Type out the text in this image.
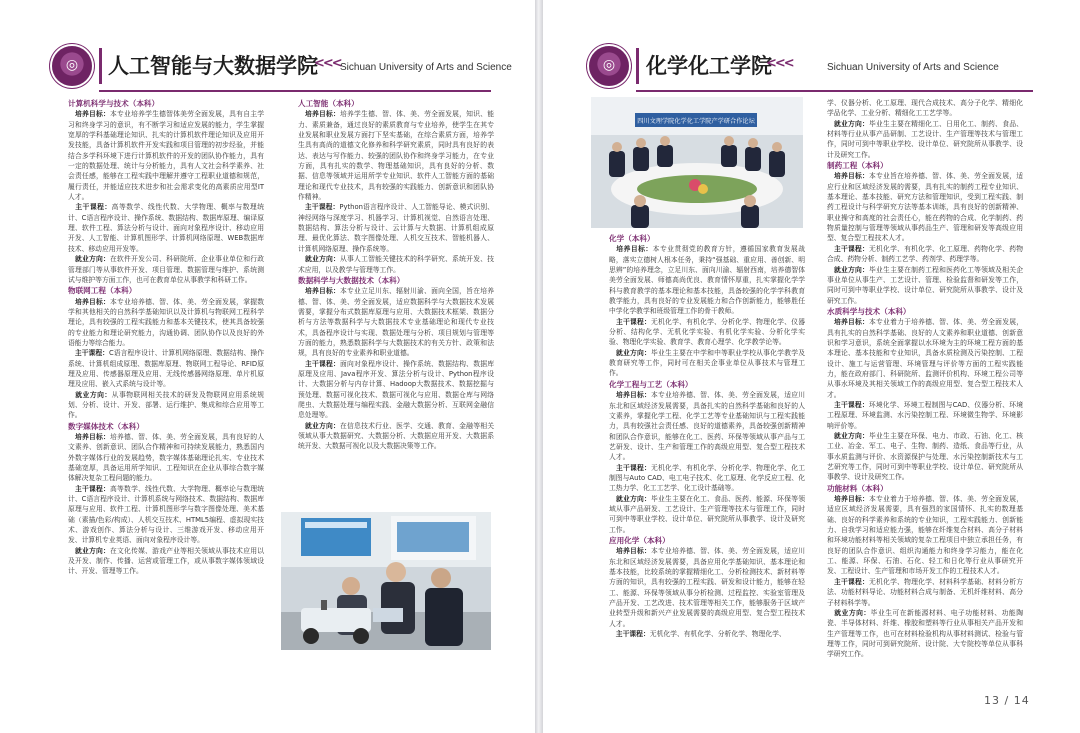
◎	人工智能与大数据学院
<<< Sichuan University of Arts and Science

计算机科学与技术（本科）

　培养目标：本专业培养学生德智体美劳全面发展，具有自主学习和终身学习的意识，有不断学习和适应发展的能力，学生掌握宽厚的学科基础理论知识、扎实的计算机软件理论知识及应用开发技能，具备计算机软件开发实践和项目管理的初步经验，并能结合多学科环境下进行计算机软件的开发的团队协作能力，具有一定的数据处理、统计与分析能力，具有人文社会科学素养、社会责任感，能够在工程实践中理解并遵守工程职业道德和规范，履行责任，并能适应技术进步和社会需求变化的高素质应用型IT人才。

　主干课程：高等数学、线性代数、大学物理、概率与数理统计、C语言程序设计、操作系统、数据结构、数据库原理、编译原理、软件工程、算法分析与设计、面向对象程序设计、移动应用开发、人工智能、计算机图形学、计算机网络原理、WEB数据库技术、移动应用开发等。

　就业方向：在软件开发公司、科研院所、企业事业单位和行政管理部门等从事软件开发、项目管理、数据管理与维护、系统测试与维护等方面工作，也可在教育单位从事教学和科研工作。

物联网工程（本科）

　培养目标：本专业培养德、智、体、美、劳全面发展，掌握数学和其他相关的自然科学基础知识以及计算机与物联网工程科学理论，具有较强的工程实践能力和基本关键技术，使其具备较强的专业能力和理论研究能力，沟通协调、团队协作以及良好的外语能力等综合能力。

　主干课程：C语言程序设计、计算机网络原理、数据结构、操作系统、计算机组成原理、数据库原理、物联网工程导论、RFID原理及应用、传感器原理及应用、无线传感器网络原理、单片机原理及应用、嵌入式系统与设计等。

　就业方向：从事物联网相关技术的研发及物联网应用系统规划、分析、设计、开发、部署、运行维护、集成和综合应用等工作。

数字媒体技术（本科）

　培养目标：培养德、智、体、美、劳全面发展，具有良好的人文素养、创新意识、团队合作精神和可持续发展能力，熟悉国内外数字媒体行业的发展趋势，数字媒体基础理论扎实、专业技术基础宽厚，具备运用所学知识、工程知识在企业从事综合数字媒体解决复杂工程问题的能力。

　主干课程：高等数学、线性代数、大学物理、概率论与数理统计、C语言程序设计、计算机系统与网络技术、数据结构、数据库原理与应用、软件工程、计算机图形学与数字图像处理、美术基础（素描/色彩/构成）、人机交互技术、HTML5编程、虚拟现实技术、游戏创作、算法分析与设计、三维游戏开发、移动应用开发、计算机专业英语、面向对象程序设计等。

　就业方向：在文化传媒、游戏产业等相关领域从事技术应用以及开发、制作、传播、运营或管理工作，或从事数字媒体领域设计、开发、管理等工作。

人工智能（本科）

　培养目标：培养学生德、智、体、美、劳全面发展，知识、能力、素质兼备，通过良好的素质教育与专业培养，使学生在其专业发展和职业发展方面打下坚实基础，在综合素质方面，培养学生具有高尚的道德文化修养和科学研究素质，同时具有良好的表达、表达与写作能力、较强的团队协作和终身学习能力，在专业方面，具有扎实的数学、物理基础知识，具有良好的分析、数据、信息等领域并运用所学专业知识、软件人工智能方面的基础理论和现代专业技术，具有较强的实践能力、创新意识和团队协作精神。

　主干课程：Python语言程序设计、人工智能导论、模式识别、神经网络与深度学习、机器学习、计算机视觉、自然语言处理、数据结构、算法分析与设计、云计算与大数据、计算机组成原理、最优化算法、数字图像处理、人机交互技术、智能机器人、计算机网络原理、操作系统等。

　就业方向：从事人工智能关键技术的科学研究、系统开发、技术应用，以及教学与管理等工作。

数据科学与大数据技术（本科）

　培养目标：本专业立足川东、辐射川渝、面向全国，旨在培养德、智、体、美、劳全面发展，适应数据科学与大数据技术发展需要，掌握分布式数据库原理与应用、大数据技术框架、数据分析与方法等数据科学与大数据技术专业基础理论和现代专业技术，具备程序设计与实现、数据处理与分析、项目规划与管理等方面的能力，熟悉数据科学与大数据技术的有关方针、政策和法规，具有良好的专业素养和职业道德。

　主干课程：面向对象程序设计、操作系统、数据结构、数据库原理及应用、Java程序开发、算法分析与设计、Python程序设计、大数据分析与内存计算、Hadoop大数据技术、数据挖掘与预处理、数据可视化技术、数据可视化与应用、数据仓库与网络爬虫、大数据处理与编程实践、金融大数据分析、互联网金融信息处理等。

　就业方向：在信息技术行业、医学、交通、教育、金融等相关领域从事大数据研究、大数据分析、大数据应用开发、大数据系统开发、大数据可视化以及大数据决策等工作。

◎	化学化工学院
<<<	Sichuan University of Arts and Science
四川文理学院化学化工学院产学研合作论坛

化学（本科）

　培养目标：本专业贯彻党的教育方针，遵循国家教育发展战略，落实立德树人根本任务，秉持“强基础、重应用、善创新、明思辨”的培养理念，立足川东、面向川渝、辐射西南，培养德智体美劳全面发展、师德高尚优良、教育情怀厚重，扎实掌握化学学科与教育教学的基本理论和基本技能，具备较强的化学学科教育教学能力，具有良好的专业发展能力和合作创新能力，能够胜任中学化学教学和班级管理工作的骨干教师。

　主干课程：无机化学、有机化学、分析化学、物理化学、仪器分析、结构化学、无机化学实验、有机化学实验、分析化学实验、物理化学实验、教育学、教育心理学、化学教学论等。

　就业方向：毕业生主要在中学和中等职业学校从事化学教学及教育研究等工作，同时可在相关企事业单位从事技术与管理工作。

化学工程与工艺（本科）

　培养目标：本专业培养德、智、体、美、劳全面发展，适应川东北和区域经济发展需要，具备扎实的自然科学基础和良好的人文素养，掌握化学工程、化学工艺等专业基础知识与工程实践能力，具有较强社会责任感、良好的道德素养，具备较强创新精神和团队合作意识，能够在化工、医药、环保等领域从事产品与工艺研发、设计、生产和管理工作的高级应用型、复合型工程技术人才。

　主干课程：无机化学、有机化学、分析化学、物理化学、化工制图与Auto CAD、电工电子技术、化工原理、化学反应工程、化工热力学、化工工艺学、化工设计基础等。

　就业方向：毕业生主要在化工、食品、医药、能源、环保等领域从事产品研发、工艺设计、生产管理等技术与管理工作，同时可到中等职业学校、设计单位、研究院所从事教学、设计及研究工作。

应用化学（本科）

　培养目标：本专业培养德、智、体、美、劳全面发展，适应川东北和区域经济发展需要，具备应用化学基础知识、基本理论和基本技能，比较系统的掌握精细化工、分析检测技术、新材料等方面的知识，具有较强的工程实践、研发和设计能力，能够在轻工、能源、环保等领域从事分析检测、过程监控、实验室管理及产品开发、工艺改进、技术管理等相关工作，能够服务于区域产业转型升级和新兴产业发展需要的高级应用型、复合型工程技术人才。

　主干课程：无机化学、有机化学、分析化学、物理化学、

学、仪器分析、化工原理、现代合成技术、高分子化学、精细化学品化学、工业分析、精细化工工艺学等。

　就业方向：毕业生主要在精细化工、日用化工、制药、食品、材料等行业从事产品研制、工艺设计、生产管理等技术与管理工作，同时可到中等职业学校、设计单位、研究院所从事教学、设计及研究工作。

制药工程（本科）

　培养目标：本专业旨在培养德、智、体、美、劳全面发展，适应行业和区域经济发展的需要，具有扎实的制药工程专业知识、基本理论、基本技能、研究方法和管理知识，受到工程实践、制药工程设计与科学研究方法等基本训练，具有良好的创新精神、职业操守和高度的社会责任心，能在药物的合成、化学制药、药物质量控制与管理等领域从事药品生产、管理和研发等高级应用型、复合型工程技术人才。

　主干课程：无机化学、有机化学、化工原理、药物化学、药物合成、药物分析、制药工艺学、药剂学、药理学等。

　就业方向：毕业生主要在制药工程和医药化工等领域及相关企事业单位从事生产、工艺设计、管理、检验监督和研发等工作，同时可到中等职业学校、设计单位、研究院所从事教学、设计及研究工作。

水质科学与技术（本科）

　培养目标：本专业着力于培养德、智、体、美、劳全面发展，具有扎实的自然科学基础、良好的人文素养和职业道德、创新意识和学习意识，系统全面掌握以水环境为主的环境工程方面的基本理论、基本技能和专业知识，具备水质检测及污染控制、工程设计、施工与运营管理、环境管理与评价等方面的工程实践能力，能在政府部门、科研院所、监测评价机构、环境工程公司等从事水环境及其相关领域工作的高级应用型、复合型工程技术人才。

　主干课程：环境化学、环境工程制图与CAD、仪器分析、环境工程原理、环境监测、水污染控制工程、环境微生物学、环境影响评价等。

　就业方向：毕业生主要在环保、电力、市政、石油、化工、核工业、冶金、军工、电子、生物、制药、造纸、食品等行业，从事水质监测与评价、水资源保护与处理、水污染控制新技术与工艺研究等工作，同时可到中等职业学校、设计单位、研究院所从事教学、设计及研究工作。

功能材料（本科）

　培养目标：本专业着力于培养德、智、体、美、劳全面发展，适应区域经济发展需要，具有强烈的家国情怀、扎实的数理基础、良好的科学素养和系统的专业知识，工程实践能力、创新能力、自我学习和适应能力强，能够在纤维复合材料、高分子材料和环境功能材料等相关领域的复杂工程项目中独立承担任务，有良好的团队合作意识、组织沟通能力和终身学习能力，能在化工、能源、环保、石油、石化、轻工和日化等行业从事研究开发、工程设计、生产管理和市场开发工作的工程技术人才。

　主干课程：无机化学、物理化学、材料科学基础、材料分析方法、功能材料导论、功能材料合成与制备、无机纤维材料、高分子材料科学等。

　就业方向：毕业生可在新能源材料、电子功能材料、功能陶瓷、半导体材料、纤维、橡胶和塑料等行业从事相关产品开发和生产管理等工作，也可在材料检验机构从事材料测试、检验与管理等工作，同时可到研究院所、设计院、大专院校等单位从事科学研究工作。

13 / 14
